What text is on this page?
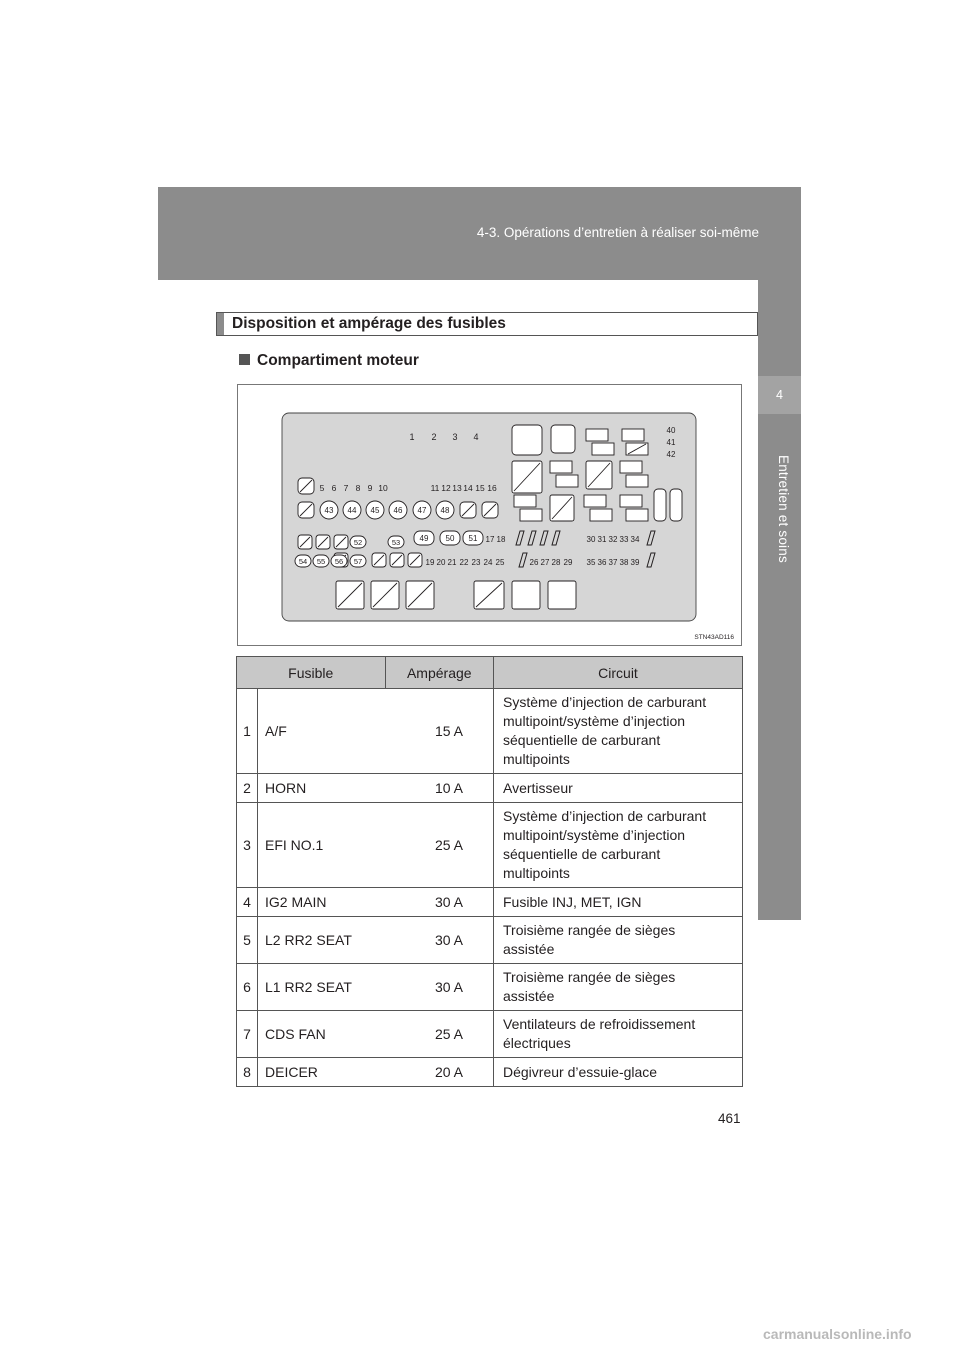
4-3. Opérations d’entretien à réaliser soi-même
4
Entretien et soins
Disposition et ampérage des fusibles
Compartiment moteur
1 2 3 4
40
41
42
5 6 7 8 9 10	11 12 13 14 15 16
43 44 45 46 47 48
52	53
54 55 56 57
49 50 51 17 18
19 20 21 22 23 24 25	26 27 28 29
30 31 32 33 34
35 36 37 38 39
STN43AD116
Fusible		Ampérage	Circuit
1	A/F	15 A	Système d’injection de carburant multipoint/système d’injection séquentielle de carburant multipoints
2	HORN	10 A	Avertisseur
3	EFI NO.1	25 A	Système d’injection de carburant multipoint/système d’injection séquentielle de carburant multipoints
4	IG2 MAIN	30 A	Fusible INJ, MET, IGN
5	L2 RR2 SEAT	30 A	Troisième rangée de sièges assistée
6	L1 RR2 SEAT	30 A	Troisième rangée de sièges assistée
7	CDS FAN	25 A	Ventilateurs de refroidissement électriques
8	DEICER	20 A	Dégivreur d’essuie-glace
461
carmanualsonline.info
